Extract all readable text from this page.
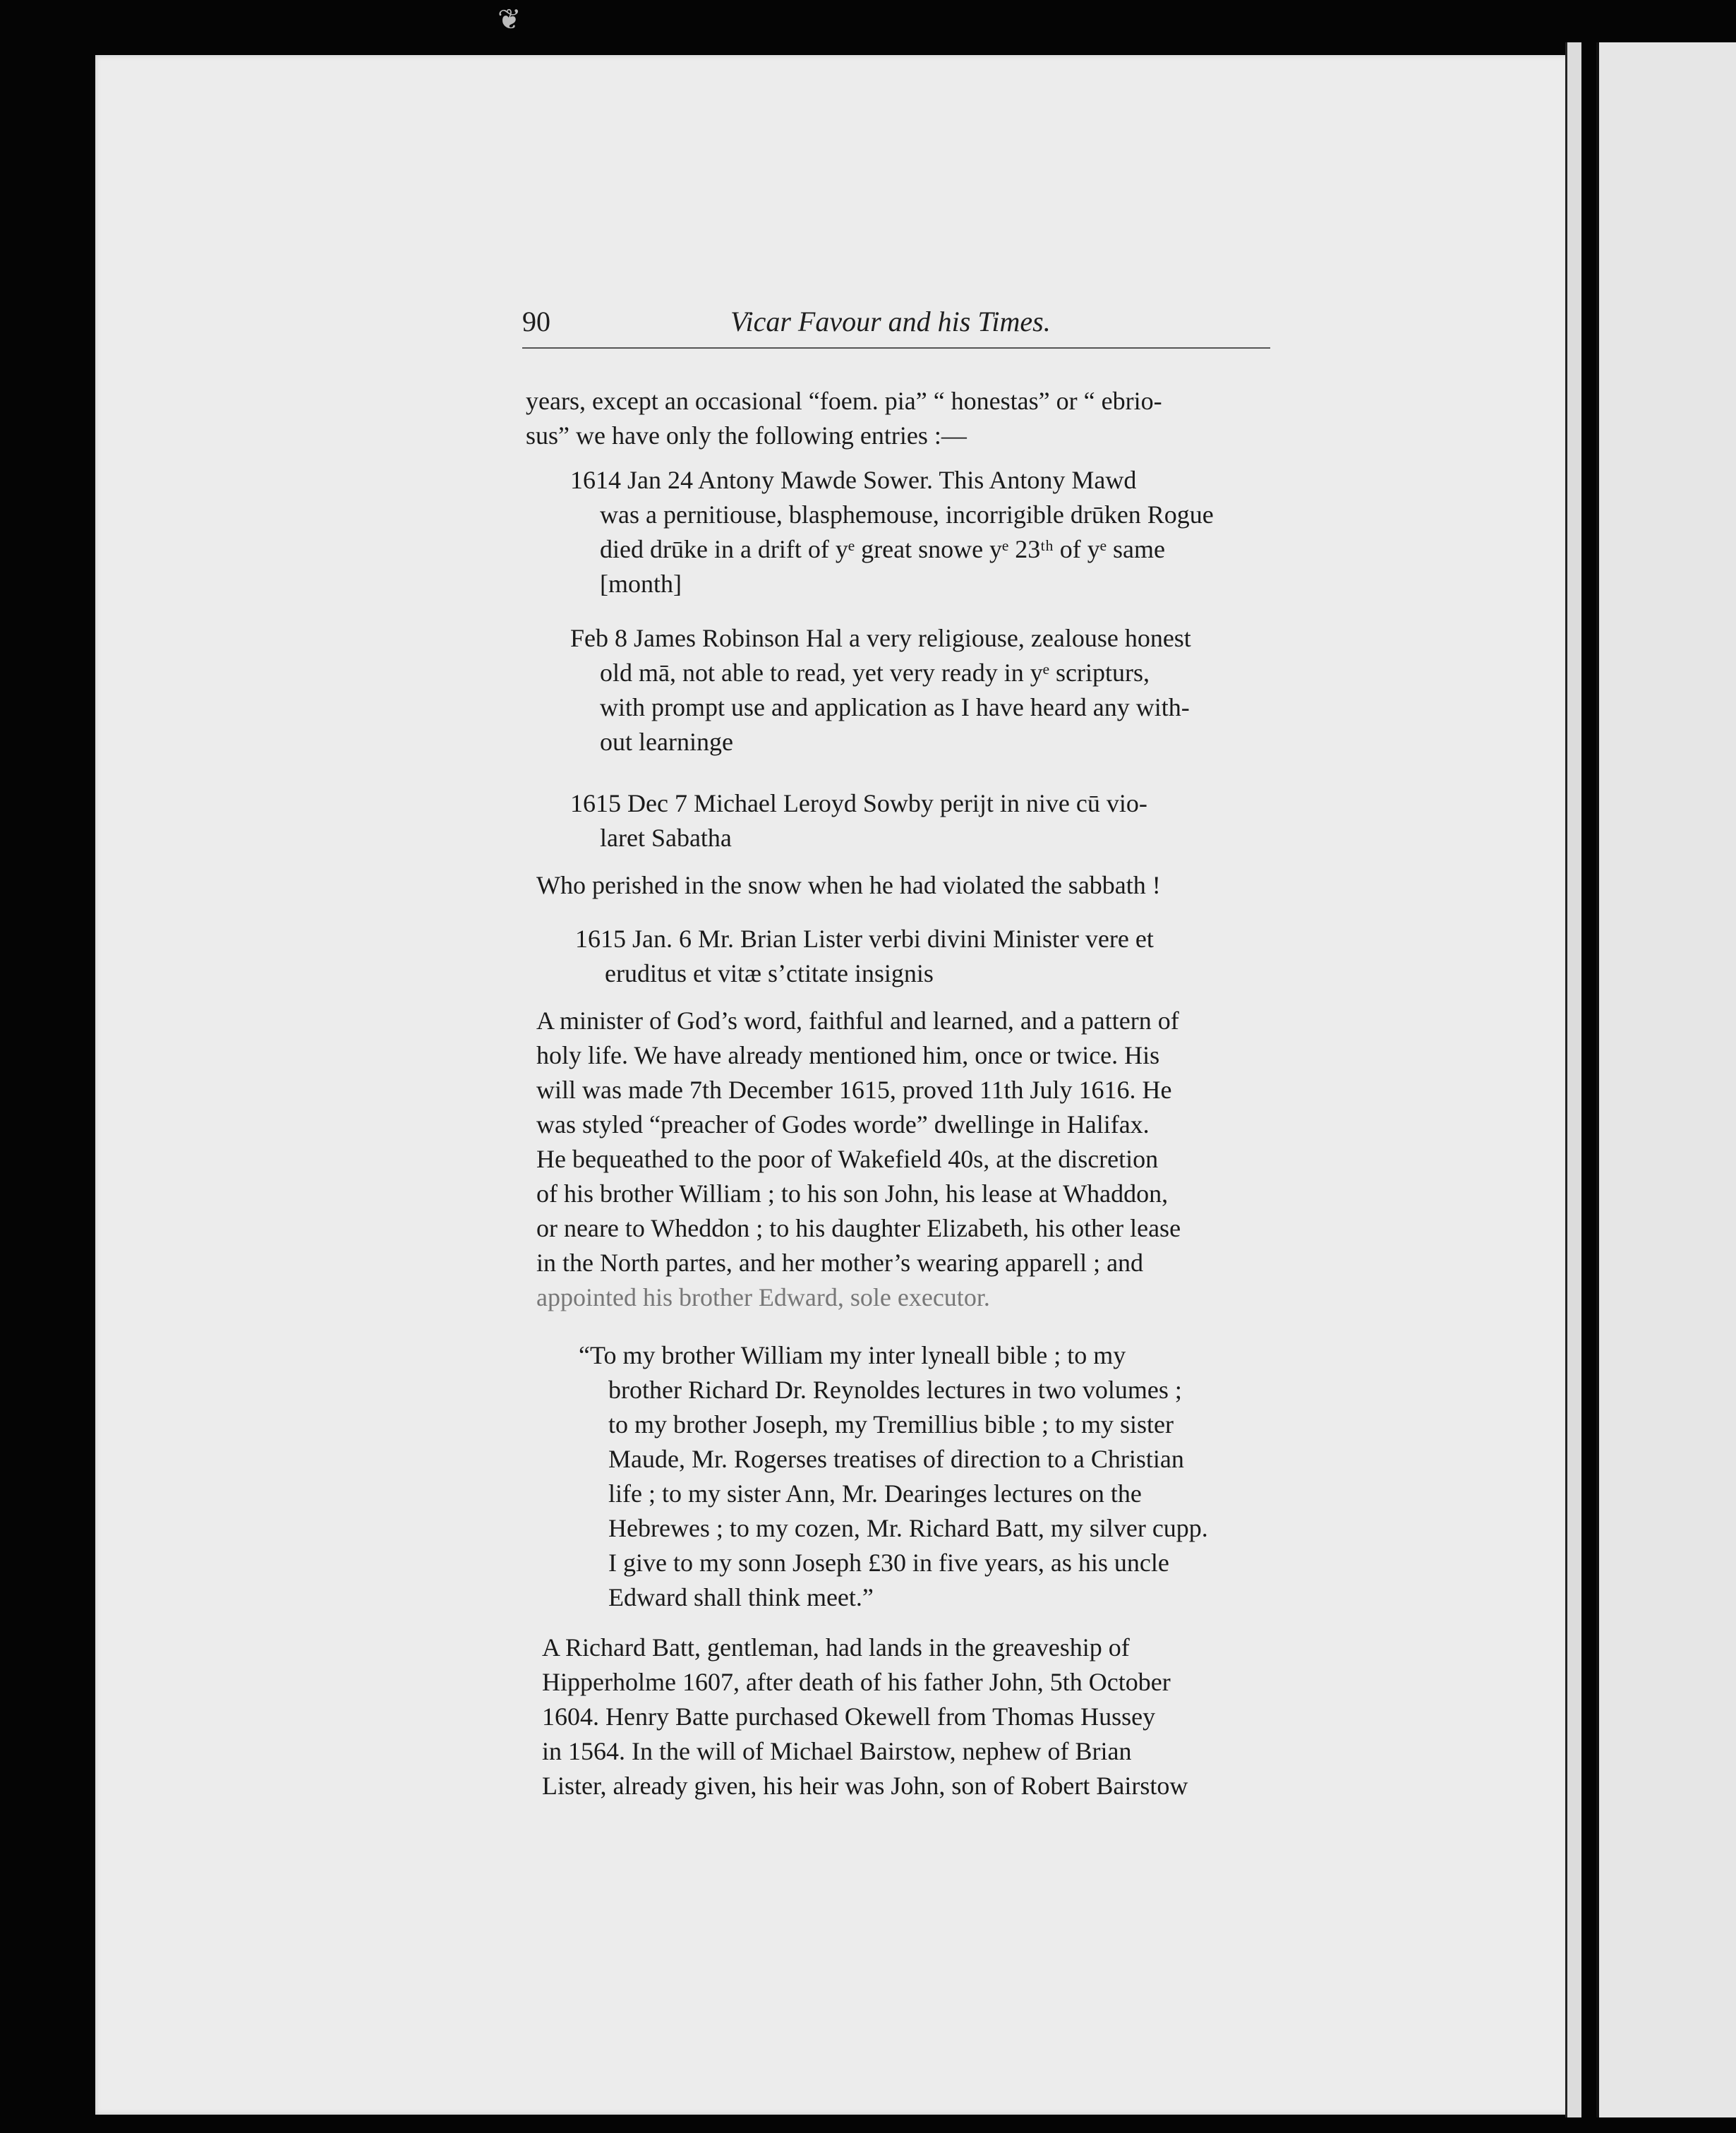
❦
90	Vicar Favour and his Times.
years, except an occasional “foem. pia” “ honestas” or “ ebrio-
sus” we have only the following entries :—
1614 Jan 24 Antony Mawde Sower. This Antony Mawd
was a pernitiouse, blasphemouse, incorrigible drūken Rogue
died drūke in a drift of yᵉ great snowe yᵉ 23ᵗʰ of yᵉ same
[month]
Feb 8 James Robinson Hal a very religiouse, zealouse honest
old mā, not able to read, yet very ready in yᵉ scripturs,
with prompt use and application as I have heard any with-
out learninge
1615 Dec 7 Michael Leroyd Sowby perijt in nive cū vio-
laret Sabatha
Who perished in the snow when he had violated the sabbath !
1615 Jan. 6 Mr. Brian Lister verbi divini Minister vere et
eruditus et vitæ s’ctitate insignis
A minister of God’s word, faithful and learned, and a pattern of
holy life. We have already mentioned him, once or twice. His
will was made 7th December 1615, proved 11th July 1616. He
was styled “preacher of Godes worde” dwellinge in Halifax.
He bequeathed to the poor of Wakefield 40s, at the discretion
of his brother William ; to his son John, his lease at Whaddon,
or neare to Wheddon ; to his daughter Elizabeth, his other lease
in the North partes, and her mother’s wearing apparell ; and
appointed his brother Edward, sole executor.
“To my brother William my inter lyneall bible ; to my
brother Richard Dr. Reynoldes lectures in two volumes ;
to my brother Joseph, my Tremillius bible ; to my sister
Maude, Mr. Rogerses treatises of direction to a Christian
life ; to my sister Ann, Mr. Dearinges lectures on the
Hebrewes ; to my cozen, Mr. Richard Batt, my silver cupp.
I give to my sonn Joseph £30 in five years, as his uncle
Edward shall think meet.”
A Richard Batt, gentleman, had lands in the greaveship of
Hipperholme 1607, after death of his father John, 5th October
1604. Henry Batte purchased Okewell from Thomas Hussey
in 1564. In the will of Michael Bairstow, nephew of Brian
Lister, already given, his heir was John, son of Robert Bairstow
